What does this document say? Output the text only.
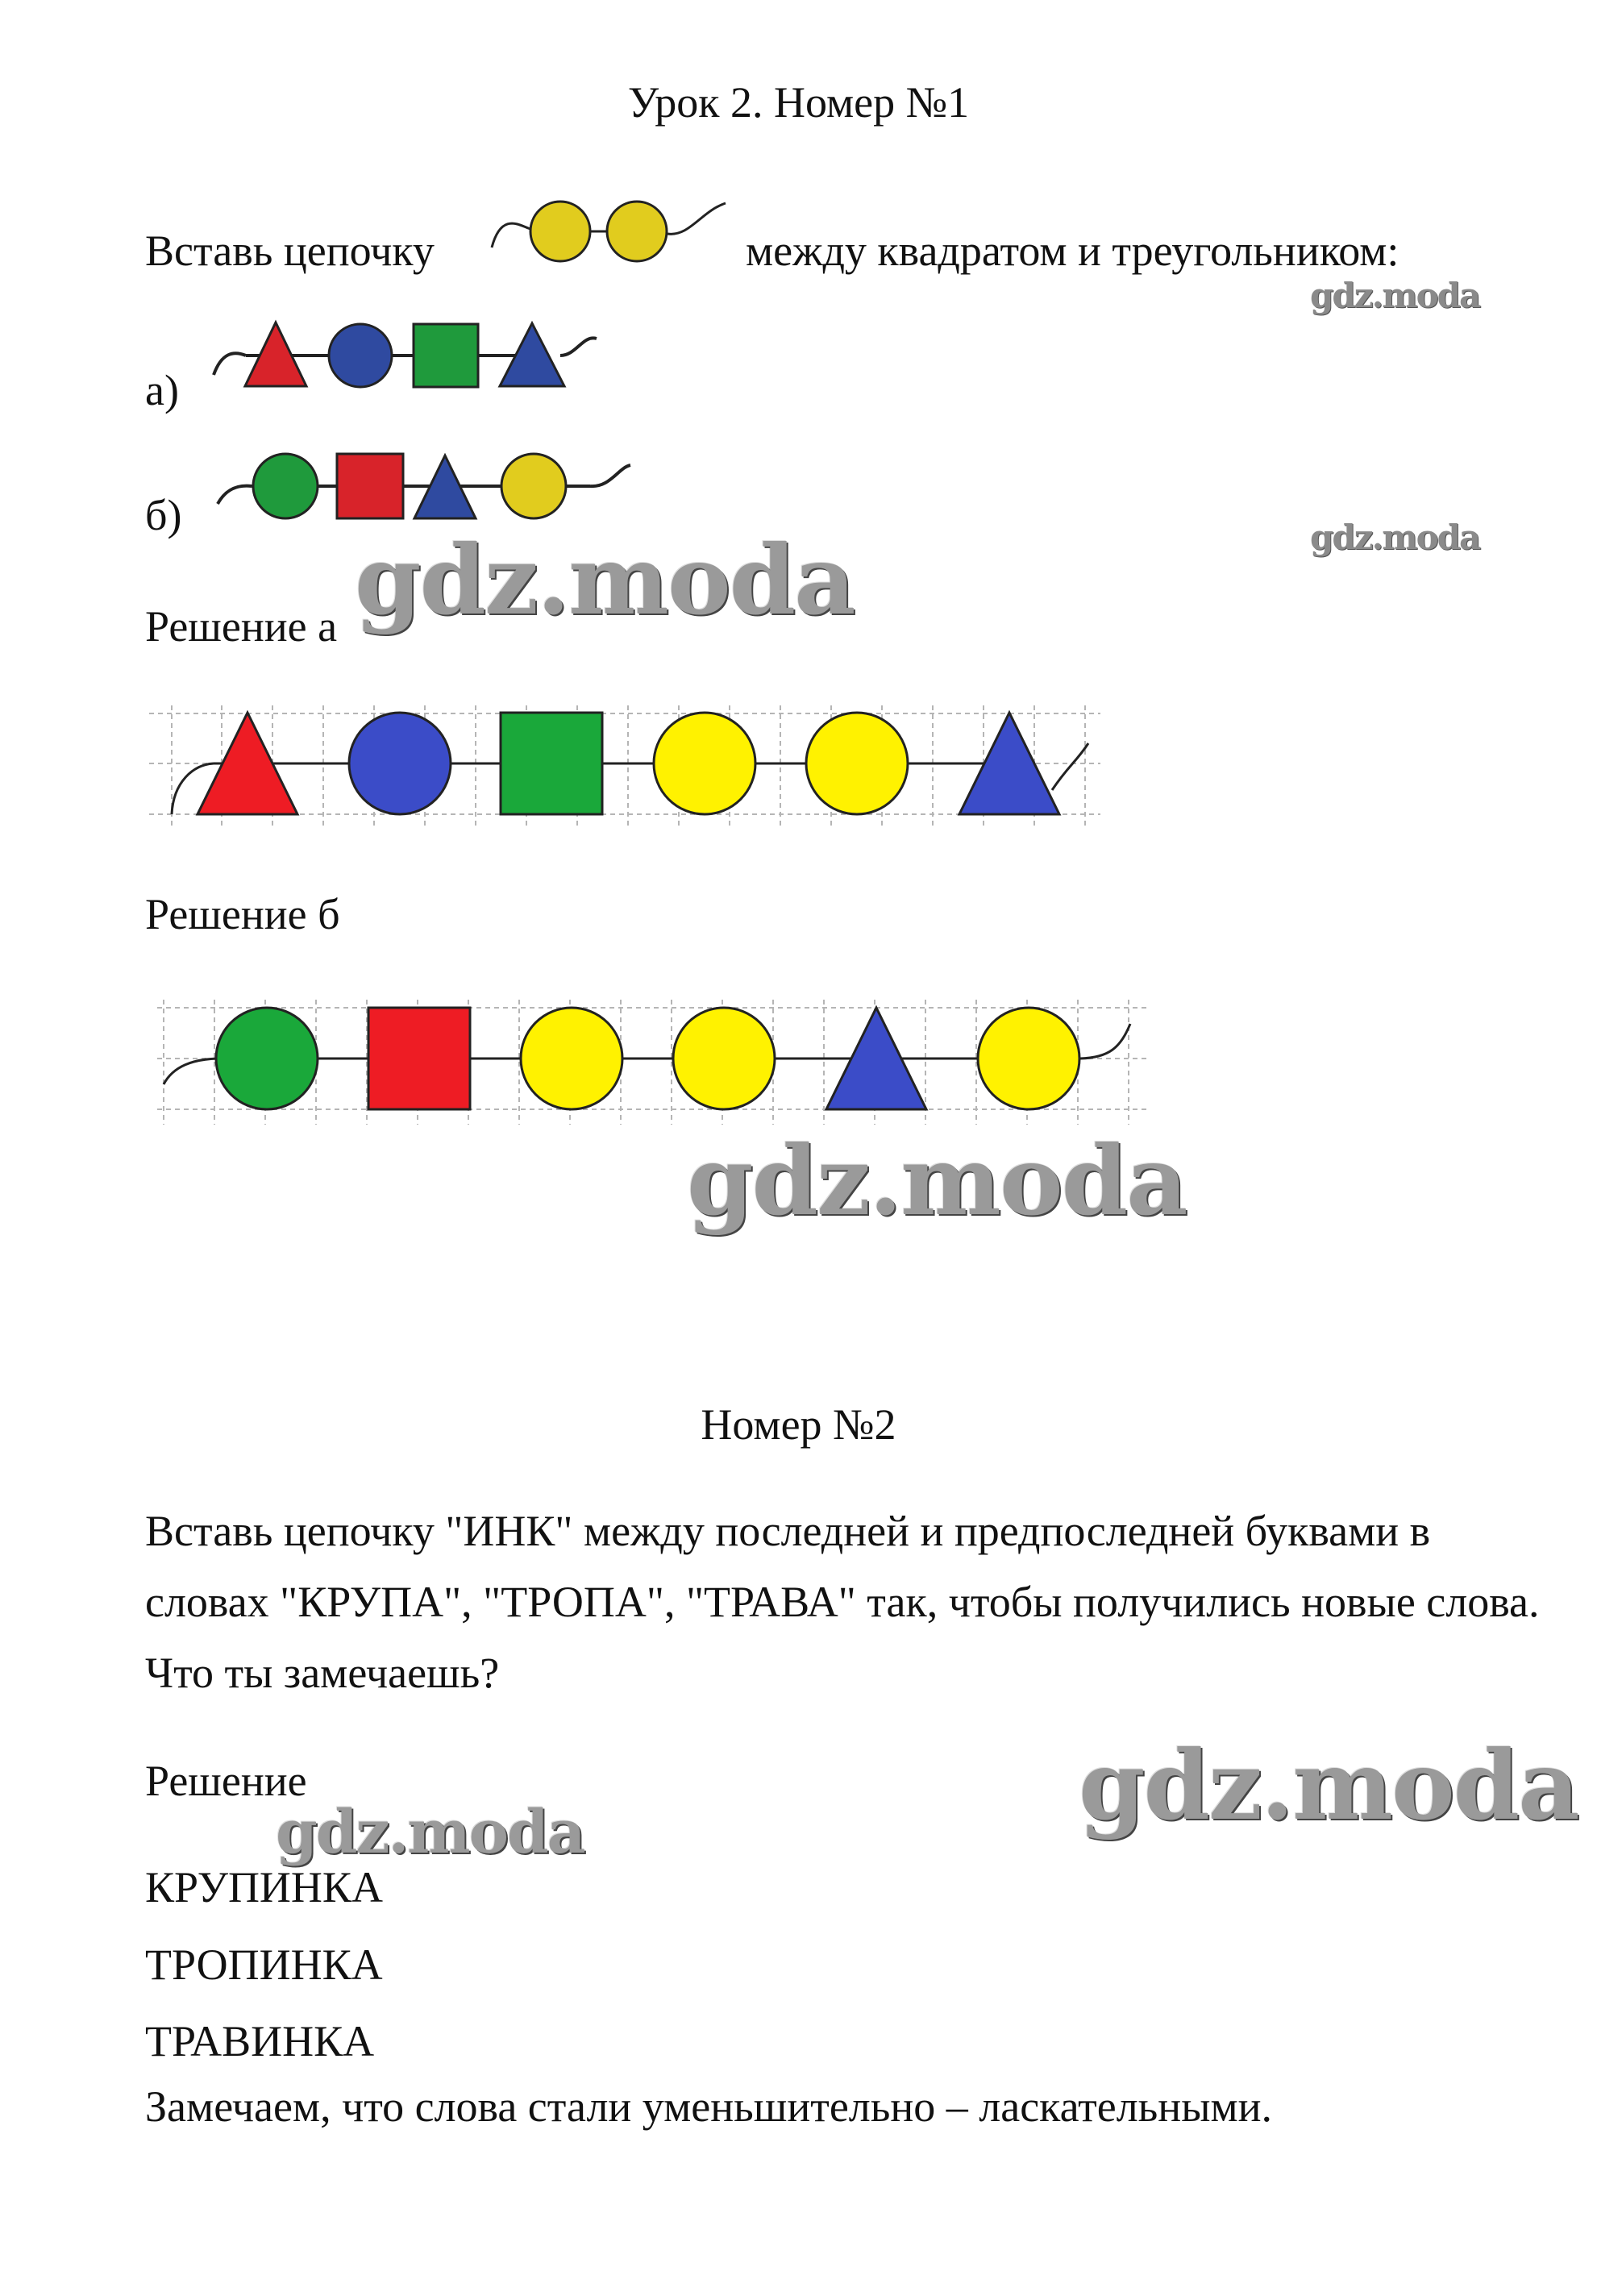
Урок 2. Номер №1
Вставь цепочку	между квадратом и треугольником:
gdz.moda
а)
б)	gdz.moda
gdz.moda
Решение а
Решение б
gdz.moda
Номер №2
Вставь цепочку "ИНК" между последней и предпоследней буквами в словах "КРУПА", "ТРОПА", "ТРАВА" так, чтобы получились новые слова. Что ты замечаешь?
Решение
gdz.moda	gdz.moda
КРУПИНКА
ТРОПИНКА
ТРАВИНКА
Замечаем, что слова стали уменьшительно – ласкательными.
